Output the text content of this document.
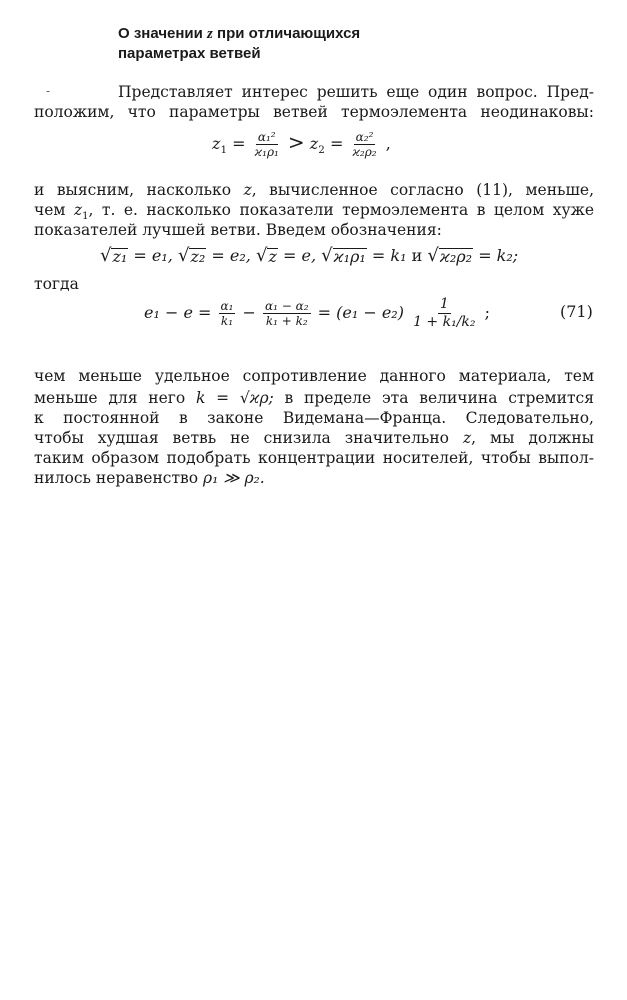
-
О значении z при отличающихся
параметрах ветвей
Представляет интерес решить еще один вопрос. Пред-
положим, что параметры ветвей термоэлемента неодинаковы:
$z_1 = \frac{\text{α₁²}}{\text{ϰ₁ρ₁}} > z_2 = \frac{\text{α₂²}}{\text{ϰ₂ρ₂}}$ ,
и выясним, насколько z, вычисленное согласно (11), меньше,
чем $z_1$, т. е. насколько показатели термоэлемента в целом хуже
показателей лучшей ветви. Введем обозначения:
√ z₁ = e₁, √ z₂ = e₂, √ z = e, √ ϰ₁ρ₁ = k₁ и √ ϰ₂ρ₂ = k₂;
тогда
$e_1 - e = \frac{\text{α₁}}{\text{k₁}} - \frac{\text{α₁ − α₂}}{\text{k₁ + k₂}} = (e_1 - e_2) \frac{1}{\text{1 + k₁/k₂}}$ ;	(71)
чем меньше удельное сопротивление данного материала, тем
меньше для него k = √ϰρ; в пределе эта величина стремится
к постоянной в законе Видемана—Франца. Следовательно,
чтобы худшая ветвь не снизила значительно z, мы должны
таким образом подобрать концентрации носителей, чтобы выпол-
нилось неравенство ρ₁ ≫ ρ₂.
